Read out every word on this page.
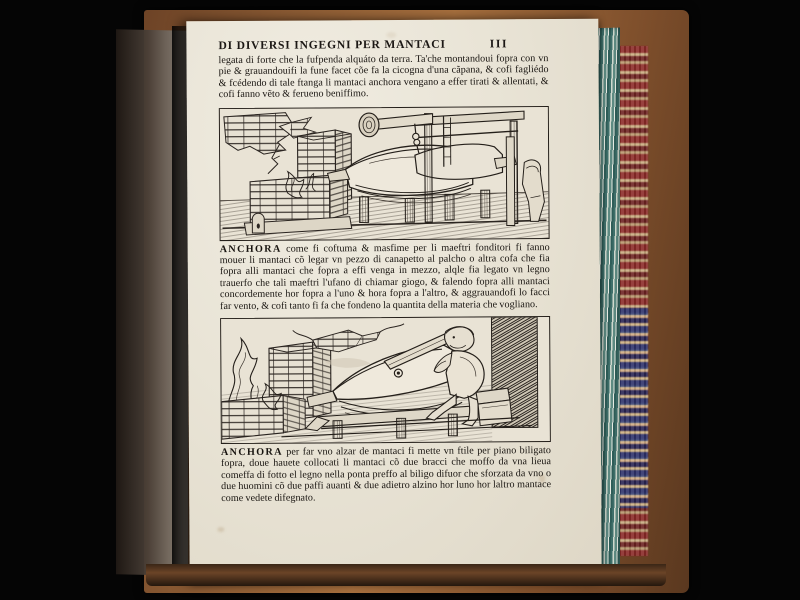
DI DIVERSI INGEGNI PER MANTACI	III

legata di forte che la fufpenda alquáto da terra. Ta'che montandoui fopra con vn pie & grauandouifi la fune facet cõe fa la cicogna d'una cãpana, & cofi fagliédo & fcédendo di tale ftanga li mantaci anchora vengano a effer tirati & allentati, & cofi fanno vẽto & ferueno beniffimo.

ANCHORA come fi coftuma & masfime per li maeftri fonditori fi fanno mouer li mantaci cõ legar vn pezzo di canapetto al palcho o altra cofa che fia fopra alli mantaci che fopra a effi venga in mezzo, alqle fia legato vn legno trauerfo che tali maeftri l'ufano di chiamar giogo, & falendo fopra alli mantaci concordemente hor fopra a l'uno & hora fopra a l'altro, & aggrauandofi lo facci far vento, & cofi tanto fi fa che fondeno la quantita della materia che vogliano.

ANCHORA per far vno alzar de mantaci fi mette vn ftile per piano biligato fopra, doue hauete collocati li mantaci cõ due bracci che moffo da vna lieua comeffa di fotto el legno nella ponta preffo al biligo difuor che sforzata da vno o due huomini cõ due paffi auanti & due adietro alzino hor luno hor laltro mantace come vedete difegnato.
